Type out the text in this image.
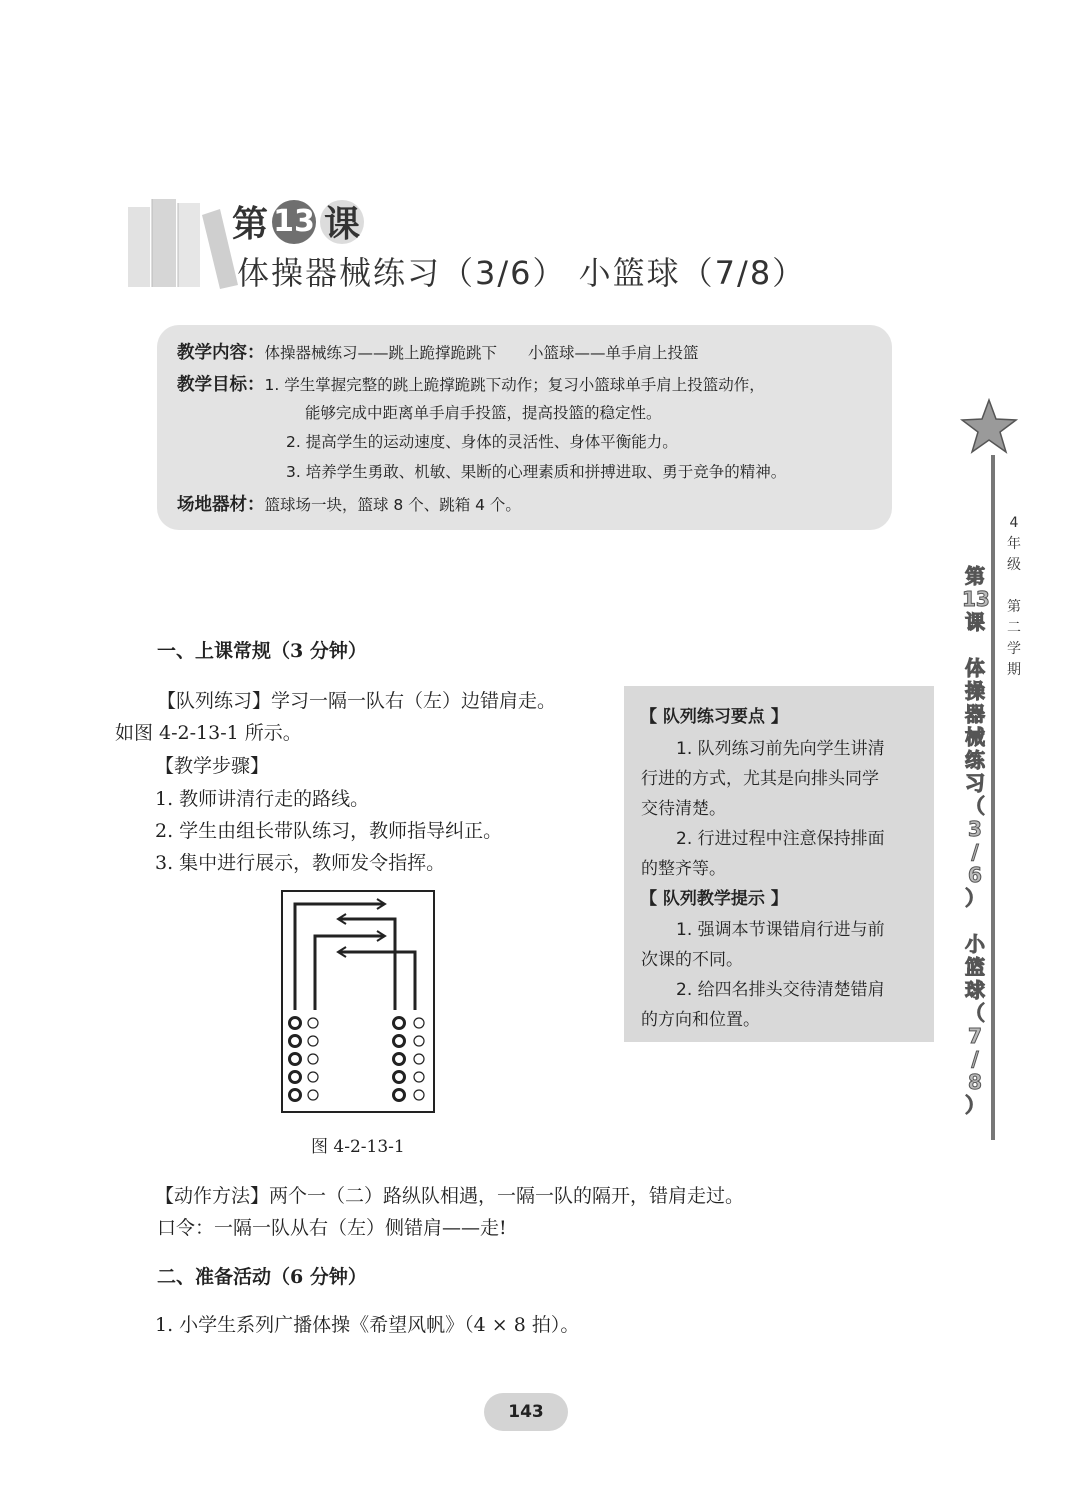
第 13 课
体操器械练习（3/6） 小篮球（7/8）
教学内容：体操器械练习——跳上跪撑跪跳下　　小篮球——单手肩上投篮
教学目标：1. 学生掌握完整的跳上跪撑跪跳下动作；复习小篮球单手肩上投篮动作，
能够完成中距离单手肩手投篮，提高投篮的稳定性。
2. 提高学生的运动速度、身体的灵活性、身体平衡能力。
3. 培养学生勇敢、机敏、果断的心理素质和拼搏进取、勇于竞争的精神。
场地器材：篮球场一块，篮球 8 个、跳箱 4 个。
4
年
级

第
二
学
期
第
13
课

体
操
器
械
练
习
（
3
/
6
）

小
篮
球
（
7
/
8
）
一、上课常规（3 分钟）
【队列练习】学习一隔一队右（左）边错肩走。
如图 4-2-13-1 所示。
【教学步骤】
1. 教师讲清行走的路线。
2. 学生由组长带队练习，教师指导纠正。
3. 集中进行展示，教师发令指挥。
图 4-2-13-1
【 队列练习要点 】
1. 队列练习前先向学生讲清
行进的方式，尤其是向排头同学
交待清楚。
2. 行进过程中注意保持排面
的整齐等。
【 队列教学提示 】
1. 强调本节课错肩行进与前
次课的不同。
2. 给四名排头交待清楚错肩
的方向和位置。
【动作方法】两个一（二）路纵队相遇，一隔一队的隔开，错肩走过。
口令：一隔一队从右（左）侧错肩——走!
二、准备活动（6 分钟）
1. 小学生系列广播体操《希望风帆》（4 × 8 拍）。
143
